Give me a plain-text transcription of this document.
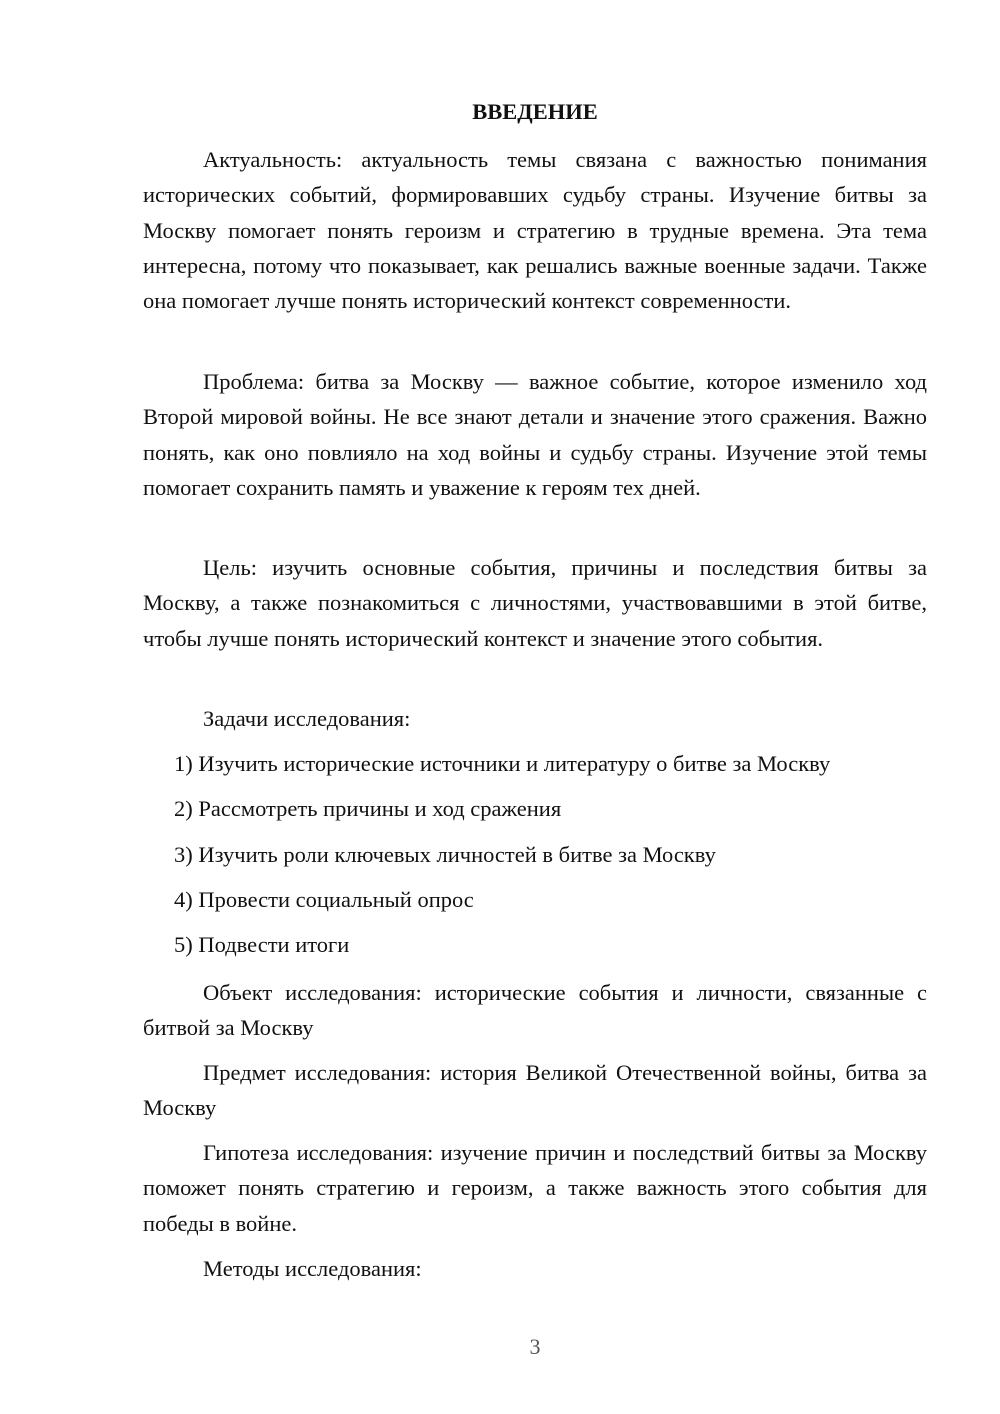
ВВЕДЕНИЕ

Актуальность: актуальность темы связана с важностью понимания исторических событий, формировавших судьбу страны. Изучение битвы за Москву помогает понять героизм и стратегию в трудные времена. Эта тема интересна, потому что показывает, как решались важные военные задачи. Также она помогает лучше понять исторический контекст современности.

Проблема: битва за Москву — важное событие, которое изменило ход Второй мировой войны. Не все знают детали и значение этого сражения. Важно понять, как оно повлияло на ход войны и судьбу страны. Изучение этой темы помогает сохранить память и уважение к героям тех дней.

Цель: изучить основные события, причины и последствия битвы за Москву, а также познакомиться с личностями, участвовавшими в этой битве, чтобы лучше понять исторический контекст и значение этого события.

Задачи исследования:

1) Изучить исторические источники и литературу о битве за Москву
2) Рассмотреть причины и ход сражения
3) Изучить роли ключевых личностей в битве за Москву
4) Провести социальный опрос
5) Подвести итоги

Объект исследования: исторические события и личности, связанные с битвой за Москву

Предмет исследования: история Великой Отечественной войны, битва за Москву

Гипотеза исследования: изучение причин и последствий битвы за Москву поможет понять стратегию и героизм, а также важность этого события для победы в войне.

Методы исследования:

3
